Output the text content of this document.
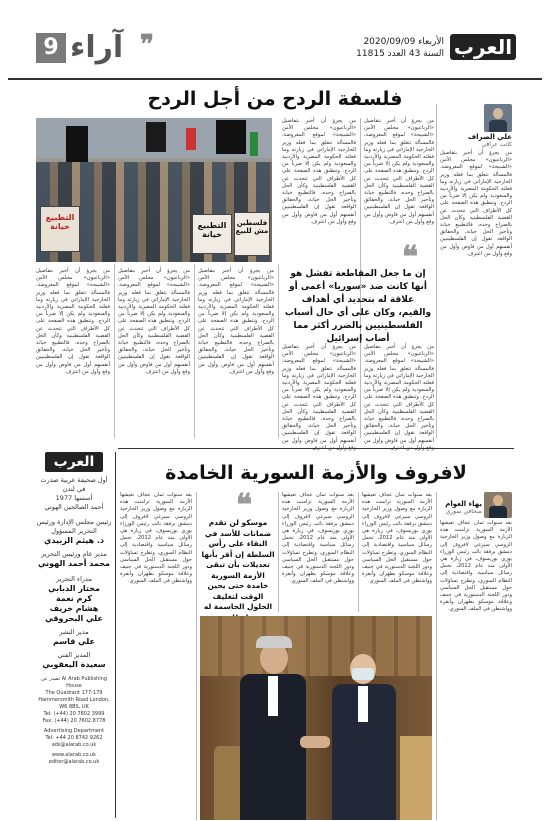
9 آراء ❞	الأربعاء 2020/09/09
السنة 43 العدد 11815 العرب
فلسفة الردح من أجل الردح
علي الصراف
كاتب عراقي
التطبيع خيانة	التطبيع خيانة
فلسطين مش للبيع
من يجرؤ أن أخبر بتفاصيل «الرباعيون» مجلس الأمن «الشبيحة» لموقع المعروضة، فالمسألة تتعلق بما فعله وزير الخارجية الإماراتي في زيارته وما فعلته الحكومة المصرية والأردنية والسعودية ولم يكن إلا ضرباً من الردح. وتنطبق هذه الصفحة على كل الأطراف التي تتحدث عن القضية الفلسطينية وكأن الحل بالصراخ وحده، فالتطبيع خيانة وتأخير الحل خيانة، والحقائق الواقعة تقول إن الفلسطينيين أنفسهم أول من فاوض وأول من وقع وأول من اعترف.
من يجرؤ أن أخبر بتفاصيل «الرباعيون» مجلس الأمن «الشبيحة» لموقع المعروضة، فالمسألة تتعلق بما فعله وزير الخارجية الإماراتي في زيارته وما فعلته الحكومة المصرية والأردنية والسعودية ولم يكن إلا ضرباً من الردح. وتنطبق هذه الصفحة على كل الأطراف التي تتحدث عن القضية الفلسطينية وكأن الحل بالصراخ وحده، فالتطبيع خيانة وتأخير الحل خيانة، والحقائق الواقعة تقول إن الفلسطينيين أنفسهم أول من فاوض وأول من وقع وأول من اعترف.
من يجرؤ أن أخبر بتفاصيل «الرباعيون» مجلس الأمن «الشبيحة» لموقع المعروضة، فالمسألة تتعلق بما فعله وزير الخارجية الإماراتي في زيارته وما فعلته الحكومة المصرية والأردنية والسعودية ولم يكن إلا ضرباً من الردح. وتنطبق هذه الصفحة على كل الأطراف التي تتحدث عن القضية الفلسطينية وكأن الحل بالصراخ وحده، فالتطبيع خيانة وتأخير الحل خيانة، والحقائق الواقعة تقول إن الفلسطينيين أنفسهم أول من فاوض وأول من وقع وأول من اعترف.
❝
إن ما جعل المقاطعة تفشل هو أنها كانت ضد «سوريا» أعمى أو علاقة له بتحديد أي أهداف والقيم، وكان على أي حال أسباب الفلسطينيين بالضرر أكثر مما أصاب إسرائيل
من يجرؤ أن أخبر بتفاصيل «الرباعيون» مجلس الأمن «الشبيحة» لموقع المعروضة، فالمسألة تتعلق بما فعله وزير الخارجية الإماراتي في زيارته وما فعلته الحكومة المصرية والأردنية والسعودية ولم يكن إلا ضرباً من الردح. وتنطبق هذه الصفحة على كل الأطراف التي تتحدث عن القضية الفلسطينية وكأن الحل بالصراخ وحده، فالتطبيع خيانة وتأخير الحل خيانة، والحقائق الواقعة تقول إن الفلسطينيين أنفسهم أول من فاوض وأول من
من يجرؤ أن أخبر بتفاصيل «الرباعيون» مجلس الأمن «الشبيحة» لموقع المعروضة، فالمسألة تتعلق بما فعله وزير الخارجية الإماراتي في زيارته وما فعلته الحكومة المصرية والأردنية والسعودية ولم يكن إلا ضرباً من الردح. وتنطبق هذه الصفحة على كل الأطراف التي تتحدث عن القضية الفلسطينية وكأن الحل بالصراخ وحده، فالتطبيع خيانة وتأخير الحل خيانة، والحقائق الواقعة تقول إن الفلسطينيين أنفسهم أول من فاوض وأول من
من يجرؤ أن أخبر بتفاصيل «الرباعيون» مجلس الأمن «الشبيحة» لموقع المعروضة، فالمسألة تتعلق بما فعله وزير الخارجية الإماراتي في زيارته وما فعلته الحكومة المصرية والأردنية والسعودية ولم يكن إلا ضرباً من الردح. وتنطبق هذه الصفحة على كل الأطراف التي تتحدث عن القضية الفلسطينية وكأن الحل بالصراخ وحده، فالتطبيع خيانة وتأخير الحل خيانة، والحقائق الواقعة تقول إن الفلسطينيين أنفسهم أول من فاوض وأول من وقع وأول من اعترف.
من يجرؤ أن أخبر بتفاصيل «الرباعيون» مجلس الأمن «الشبيحة» لموقع المعروضة، فالمسألة تتعلق بما فعله وزير الخارجية الإماراتي في زيارته وما فعلته الحكومة المصرية والأردنية والسعودية ولم يكن إلا ضرباً من الردح. وتنطبق هذه الصفحة على كل الأطراف التي تتحدث عن القضية الفلسطينية وكأن الحل بالصراخ وحده، فالتطبيع خيانة وتأخير الحل خيانة، والحقائق الواقعة تقول إن الفلسطينيين أنفسهم أول من فاوض وأول من وقع وأول من اعترف.
من يجرؤ أن أخبر بتفاصيل «الرباعيون» مجلس الأمن «الشبيحة» لموقع المعروضة، فالمسألة تتعلق بما فعله وزير الخارجية الإماراتي في زيارته وما فعلته الحكومة المصرية والأردنية والسعودية ولم يكن إلا ضرباً من الردح. وتنطبق هذه الصفحة على كل الأطراف التي تتحدث عن القضية الفلسطينية وكأن الحل بالصراخ وحده، فالتطبيع خيانة وتأخير الحل خيانة، والحقائق الواقعة تقول إن الفلسطينيين أنفسهم أول من فاوض وأول من وقع وأول من اعترف.
العرب
أول صحيفة عربية صدرت في لندن
أسسها 1977
أحمد الصالحين الهوني
رئيس مجلس الإدارة ورئيس التحرير المسؤول
د. هيثم الزبيدي
مدير عام ورئيس التحرير
محمد أحمد الهوني
مدراء التحرير
مختار الدبابي
كرم نعمة
هشام خريف
علي البحروقي
مدير النشر
علي قاسم
المدير الفني
سعيدة اليعقوبي
تصدر عن Al Arab Publishing House
The Quadrant 177-179 Hammersmith Road London, W6 8BS, UK
Tel: (+44) 20 7602 3999
Fax: (+44) 20 7602 8778
Advertising Department
Tel: +44 20 8742 9262
ads@alarab.co.uk
www.alarab.co.uk
editor@alarab.co.uk
لافروف والأزمة السورية الخامدة
بهاء العوام
صحافي سوري
بعد سنوات ثمان عجاف تعيشها الأزمة السورية تزامنت هذه الزيارة مع وصول وزير الخارجية الروسي سيرغي لافروف إلى دمشق برفقة نائب رئيس الوزراء يوري بوريسوف، في زيارة هي الأولى منذ عام 2012، تحمل رسائل سياسية واقتصادية إلى النظام السوري، وتطرح تساؤلات حول مستقبل الحل السياسي ودور اللجنة الدستورية في جنيف وعلاقة موسكو بطهران وأنقرة وواشنطن في الملف السوري.
بعد سنوات ثمان عجاف تعيشها الأزمة السورية تزامنت هذه الزيارة مع وصول وزير الخارجية الروسي سيرغي لافروف إلى دمشق برفقة نائب رئيس الوزراء يوري بوريسوف، في زيارة هي الأولى منذ عام 2012، تحمل رسائل سياسية واقتصادية إلى النظام السوري، وتطرح تساؤلات حول مستقبل الحل السياسي ودور اللجنة الدستورية في جنيف وعلاقة موسكو بطهران وأنقرة وواشنطن في الملف السوري.
بعد سنوات ثمان عجاف تعيشها الأزمة السورية تزامنت هذه الزيارة مع وصول وزير الخارجية الروسي سيرغي لافروف إلى دمشق برفقة نائب رئيس الوزراء يوري بوريسوف، في زيارة هي الأولى منذ عام 2012، تحمل رسائل سياسية واقتصادية إلى النظام السوري، وتطرح تساؤلات حول مستقبل الحل السياسي ودور اللجنة الدستورية في جنيف وعلاقة موسكو بطهران وأنقرة وواشنطن في الملف السوري.
❝
موسكو لن تقدم ضمانات للأسد في البقاء على رأس السلطة إن أقر بأنها تعديلات بأن تبقى الأزمة السورية خامدة حتى يحين الوقت لتغليف الحلول الحاسمة له
بعد سنوات ثمان عجاف تعيشها الأزمة السورية تزامنت هذه الزيارة مع وصول وزير الخارجية الروسي سيرغي لافروف إلى دمشق برفقة نائب رئيس الوزراء يوري بوريسوف، في زيارة هي الأولى منذ عام 2012، تحمل رسائل سياسية واقتصادية إلى النظام السوري، وتطرح تساؤلات حول مستقبل الحل السياسي ودور اللجنة الدستورية في جنيف وعلاقة موسكو بطهران وأنقرة وواشنطن في الملف السوري.
